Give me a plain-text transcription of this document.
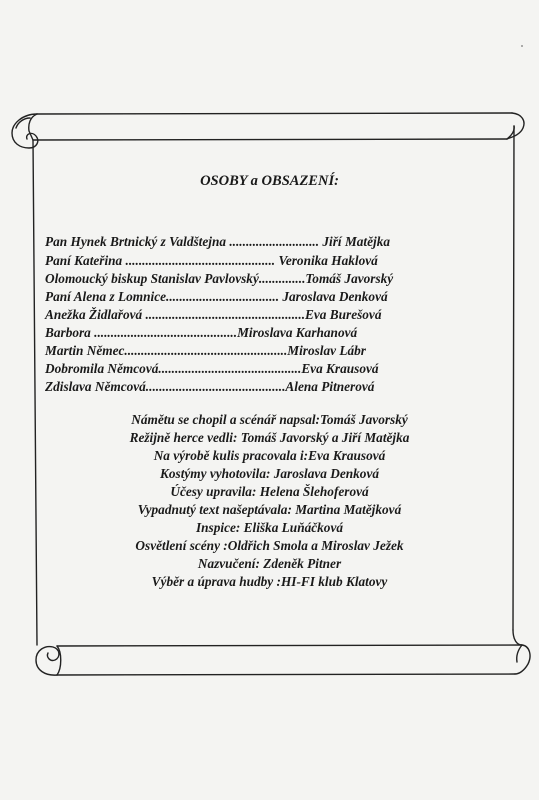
OSOBY a OBSAZENÍ:
Pan Hynek Brtnický z Valdštejna ........................... Jiří Matějka
Paní Kateřina ............................................. Veronika Haklová
Olomoucký biskup Stanislav Pavlovský..............Tomáš Javorský
Paní Alena z Lomnice.................................. Jaroslava Denková
Anežka Židlařová ................................................Eva Burešová
Barbora ...........................................Miroslava Karhanová
Martin Němec.................................................Miroslav Lábr
Dobromila Němcová...........................................Eva Krausová
Zdislava Němcová..........................................Alena Pitnerová
Námětu se chopil a scénář napsal:Tomáš Javorský
Režijně herce vedli: Tomáš Javorský a Jiří Matějka
Na výrobě kulis pracovala i:Eva Krausová
Kostýmy vyhotovila: Jaroslava Denková
Účesy upravila: Helena Šlehoferová
Vypadnutý text našeptávala: Martina Matějková
Inspice: Eliška Luňáčková
Osvětlení scény :Oldřich Smola a Miroslav Ježek
Nazvučení: Zdeněk Pitner
Výběr a úprava hudby :HI-FI klub Klatovy
